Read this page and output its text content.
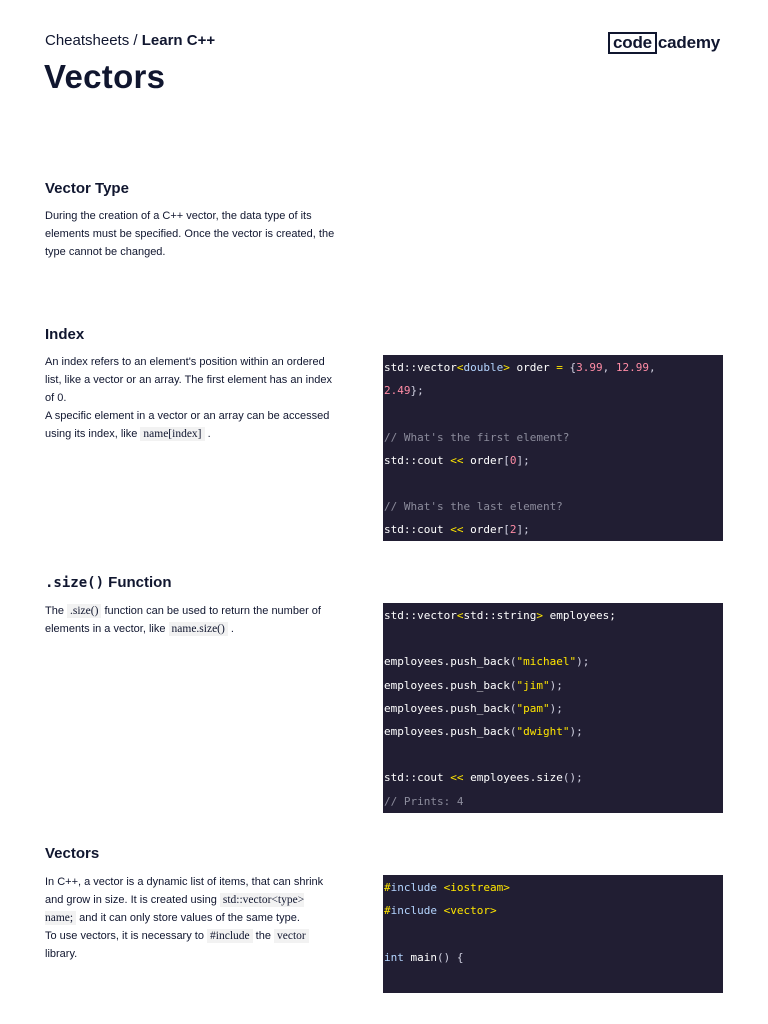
Cheatsheets / Learn C++	code cademy
Vectors
Vector Type

During the creation of a C++ vector, the data type of its elements must be specified. Once the vector is created, the type cannot be changed.

Index

An index refers to an element's position within an ordered list, like a vector or an array. The first element has an index of 0.

A specific element in a vector or an array can be accessed using its index, like name[index] .

std::vector<double> order = {3.99, 12.99,
2.49};
// What's the first element?
std::cout << order[0];
// What's the last element?
std::cout << order[2];
.size() Function

The .size() function can be used to return the number of elements in a vector, like name.size() .

std::vector<std::string> employees;
employees.push_back("michael");
employees.push_back("jim");
employees.push_back("pam");
employees.push_back("dwight");
std::cout << employees.size();
// Prints: 4
Vectors

In C++, a vector is a dynamic list of items, that can shrink and grow in size. It is created using std::vector<type> name; and it can only store values of the same type.

To use vectors, it is necessary to #include the vector library.

#include <iostream>
#include <vector>
int main() {
